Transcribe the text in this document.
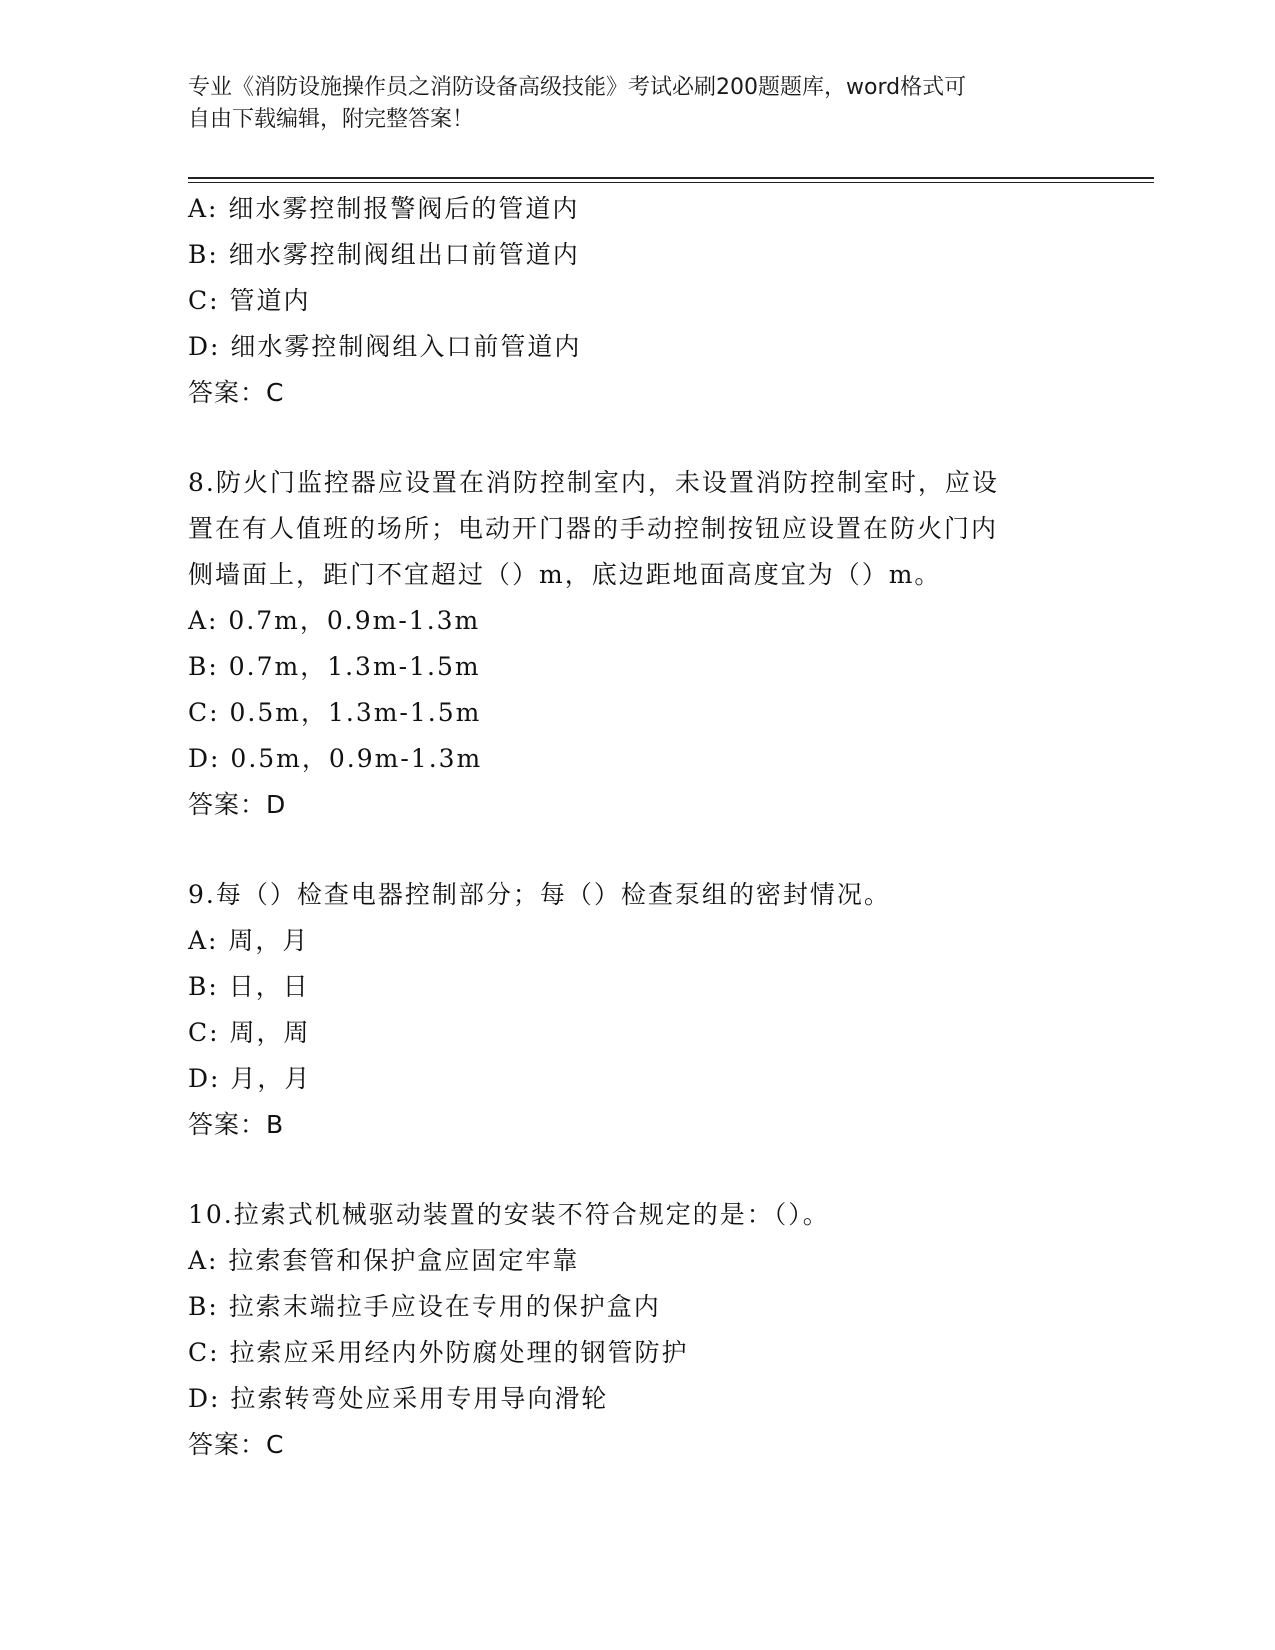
专业《消防设施操作员之消防设备高级技能》考试必刷200题题库，word格式可
自由下载编辑，附完整答案！
A: 细水雾控制报警阀后的管道内
B: 细水雾控制阀组出口前管道内
C: 管道内
D: 细水雾控制阀组入口前管道内
答案：C
8.防火门监控器应设置在消防控制室内，未设置消防控制室时，应设
置在有人值班的场所；电动开门器的手动控制按钮应设置在防火门内
侧墙面上，距门不宜超过（）m，底边距地面高度宜为（）m。
A: 0.7m，0.9m-1.3m
B: 0.7m，1.3m-1.5m
C: 0.5m，1.3m-1.5m
D: 0.5m，0.9m-1.3m
答案：D
9.每（）检查电器控制部分；每（）检查泵组的密封情况。
A: 周，月
B: 日，日
C: 周，周
D: 月，月
答案：B
10.拉索式机械驱动装置的安装不符合规定的是：（）。
A: 拉索套管和保护盒应固定牢靠
B: 拉索末端拉手应设在专用的保护盒内
C: 拉索应采用经内外防腐处理的钢管防护
D: 拉索转弯处应采用专用导向滑轮
答案：C
